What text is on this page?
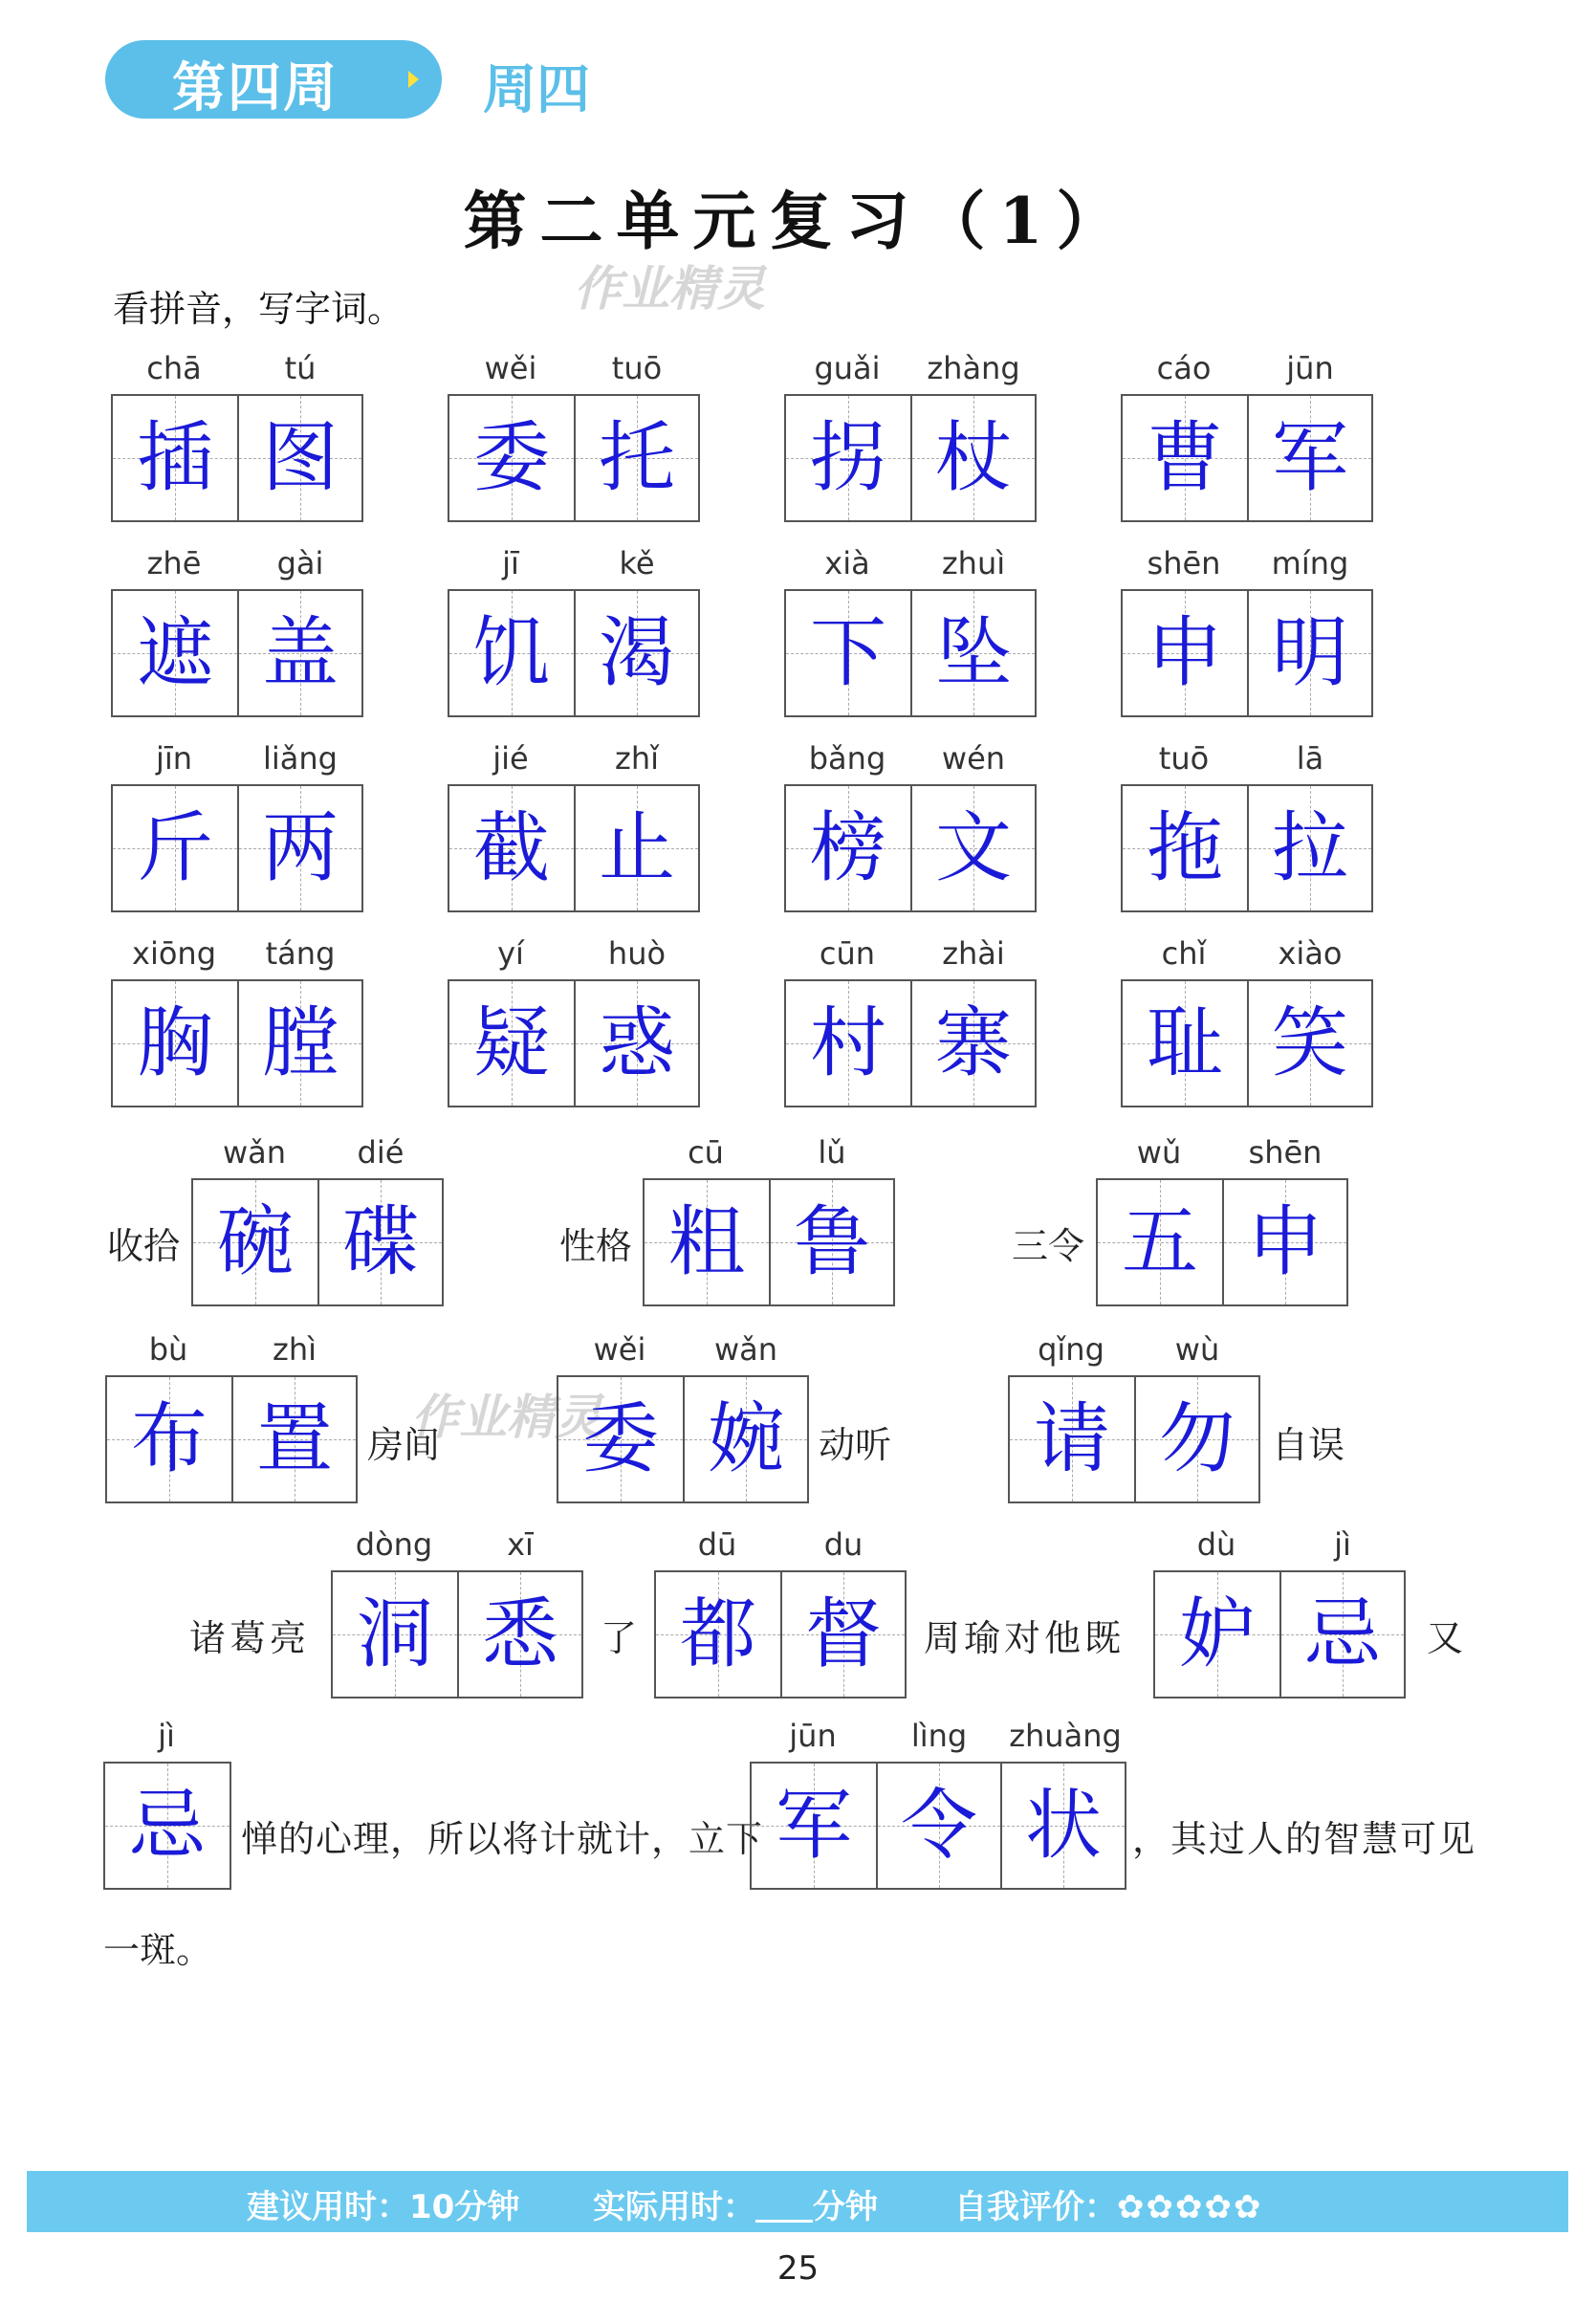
第四周	周四
第二单元复习（1）
看拼音，写字词。	作业精灵
作业精灵
chā	tú
插 图
wěi	tuō
委 托
guǎi	zhàng
拐 杖
cáo	jūn
曹 军
zhē	gài
遮 盖
jī	kě
饥 渴
xià	zhuì
下 坠
shēn	míng
申 明
jīn	liǎng
斤 两
jié	zhǐ
截 止
bǎng	wén
榜 文
tuō	lā
拖 拉
xiōng	táng
胸 膛
yí	huò
疑 惑
cūn	zhài
村 寨
chǐ	xiào
耻 笑
收拾
wǎn	dié
碗 碟	性格
cū	lǔ
粗 鲁	三令
wǔ	shēn
五 申
bù	zhì
布 置 房间
wěi	wǎn
委 婉 动听
qǐng	wù
请 勿	自误
诸葛亮
dòng	xī
洞 悉	了
dū	du
都 督	周瑜对他既
dù	jì
妒 忌	又
jì
忌 惮的心理，所以将计就计，立下
jūn	lìng	zhuàng
军 令 状 ，其过人的智慧可见
一斑。
建议用时：10分钟 实际用时： 分钟 自我评价：✿✿✿✿✿
25
